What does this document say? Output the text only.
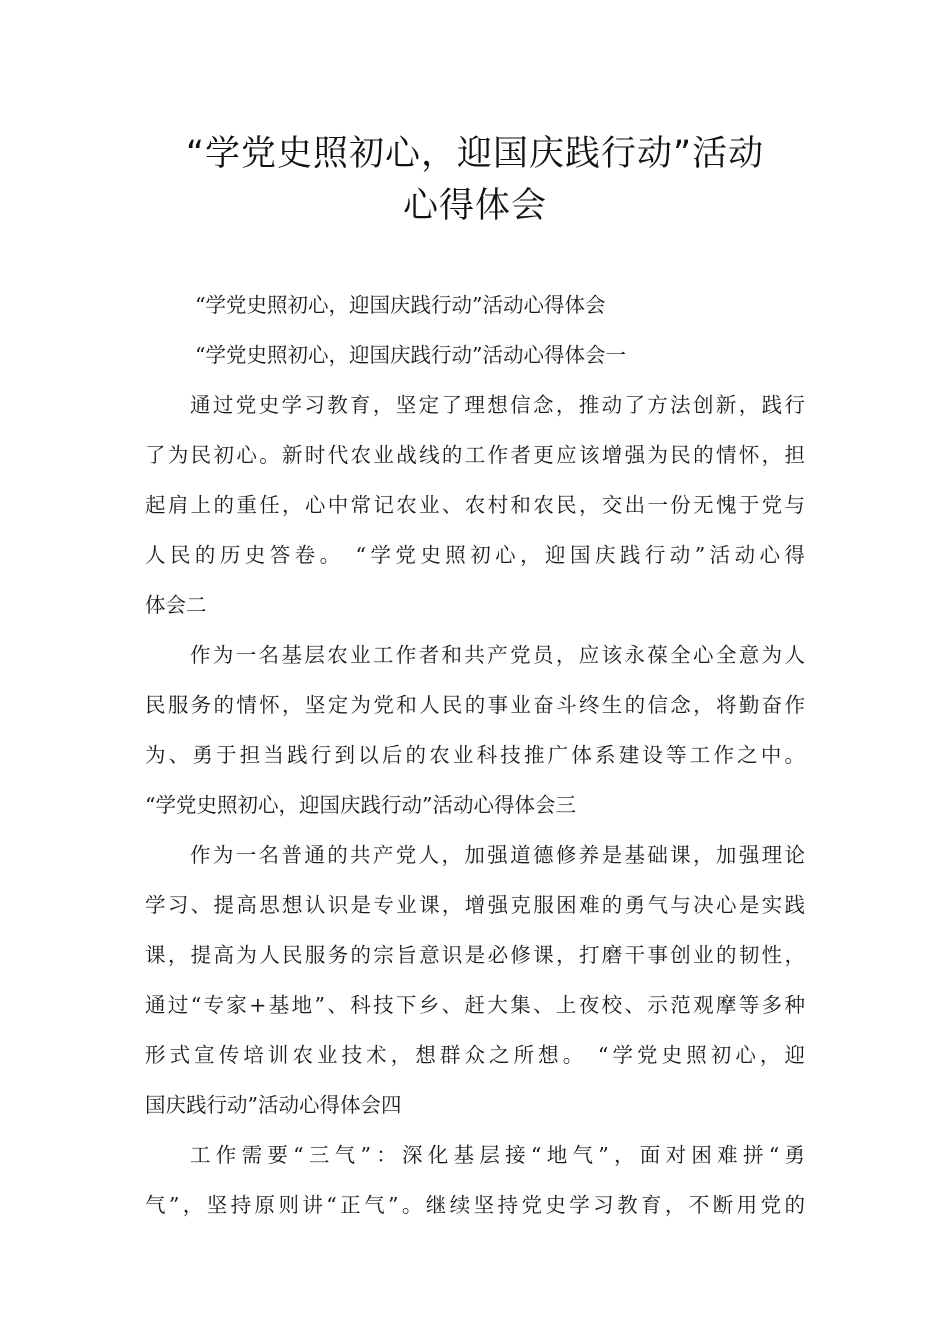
“学党史照初心，迎国庆践行动”活动
心得体会
“学党史照初心，迎国庆践行动”活动心得体会
“学党史照初心，迎国庆践行动”活动心得体会一
通过党史学习教育，坚定了理想信念，推动了方法创新，践行
了为民初心。新时代农业战线的工作者更应该增强为民的情怀，担
起肩上的重任，心中常记农业、农村和农民，交出一份无愧于党与
人民的历史答卷。 “学党史照初心，迎国庆践行动”活动心得
体会二
作为一名基层农业工作者和共产党员，应该永葆全心全意为人
民服务的情怀，坚定为党和人民的事业奋斗终生的信念，将勤奋作
为、勇于担当践行到以后的农业科技推广体系建设等工作之中。
“学党史照初心，迎国庆践行动”活动心得体会三
作为一名普通的共产党人，加强道德修养是基础课，加强理论
学习、提高思想认识是专业课，增强克服困难的勇气与决心是实践
课，提高为人民服务的宗旨意识是必修课，打磨干事创业的韧性，
通过“专家+基地”、科技下乡、赶大集、上夜校、示范观摩等多种
形式宣传培训农业技术，想群众之所想。 “学党史照初心，迎
国庆践行动”活动心得体会四
工作需要“三气”：深化基层接“地气”，面对困难拼“勇
气”，坚持原则讲“正气”。继续坚持党史学习教育，不断用党的
